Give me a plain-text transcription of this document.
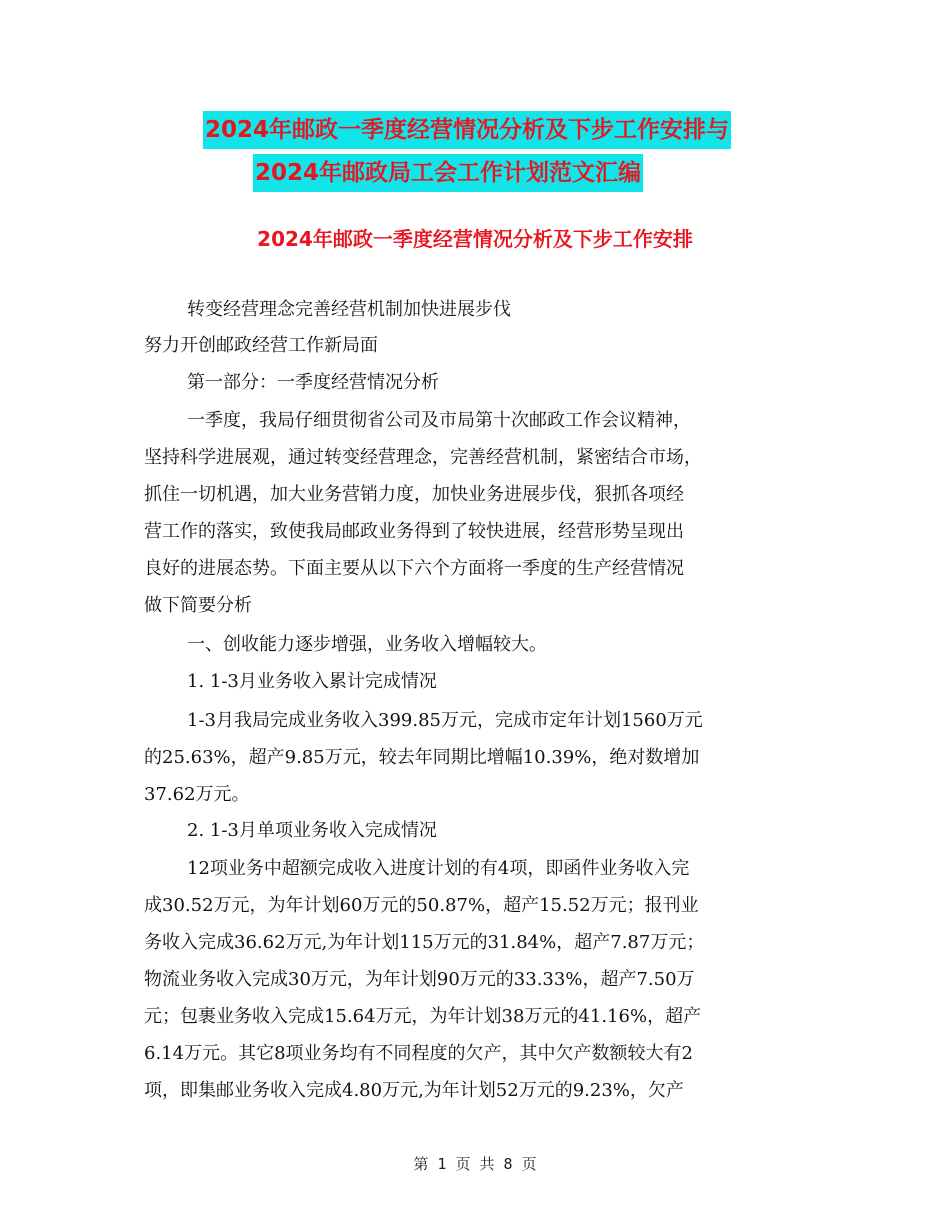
2024年邮政一季度经营情况分析及下步工作安排与
2024年邮政局工会工作计划范文汇编
2024年邮政一季度经营情况分析及下步工作安排
转变经营理念完善经营机制加快进展步伐
努力开创邮政经营工作新局面
第一部分：一季度经营情况分析
一季度，我局仔细贯彻省公司及市局第十次邮政工作会议精神，
坚持科学进展观，通过转变经营理念，完善经营机制，紧密结合市场，
抓住一切机遇，加大业务营销力度，加快业务进展步伐，狠抓各项经
营工作的落实，致使我局邮政业务得到了较快进展，经营形势呈现出
良好的进展态势。下面主要从以下六个方面将一季度的生产经营情况
做下简要分析
一、创收能力逐步增强，业务收入增幅较大。
1. 1-3月业务收入累计完成情况
1-3月我局完成业务收入399.85万元，完成市定年计划1560万元
的25.63%，超产9.85万元，较去年同期比增幅10.39%，绝对数增加
37.62万元。
2. 1-3月单项业务收入完成情况
12项业务中超额完成收入进度计划的有4项，即函件业务收入完
成30.52万元，为年计划60万元的50.87%，超产15.52万元；报刊业
务收入完成36.62万元,为年计划115万元的31.84%，超产7.87万元；
物流业务收入完成30万元，为年计划90万元的33.33%，超产7.50万
元；包裹业务收入完成15.64万元，为年计划38万元的41.16%，超产
6.14万元。其它8项业务均有不同程度的欠产，其中欠产数额较大有2
项，即集邮业务收入完成4.80万元,为年计划52万元的9.23%，欠产
第 1 页 共 8 页
